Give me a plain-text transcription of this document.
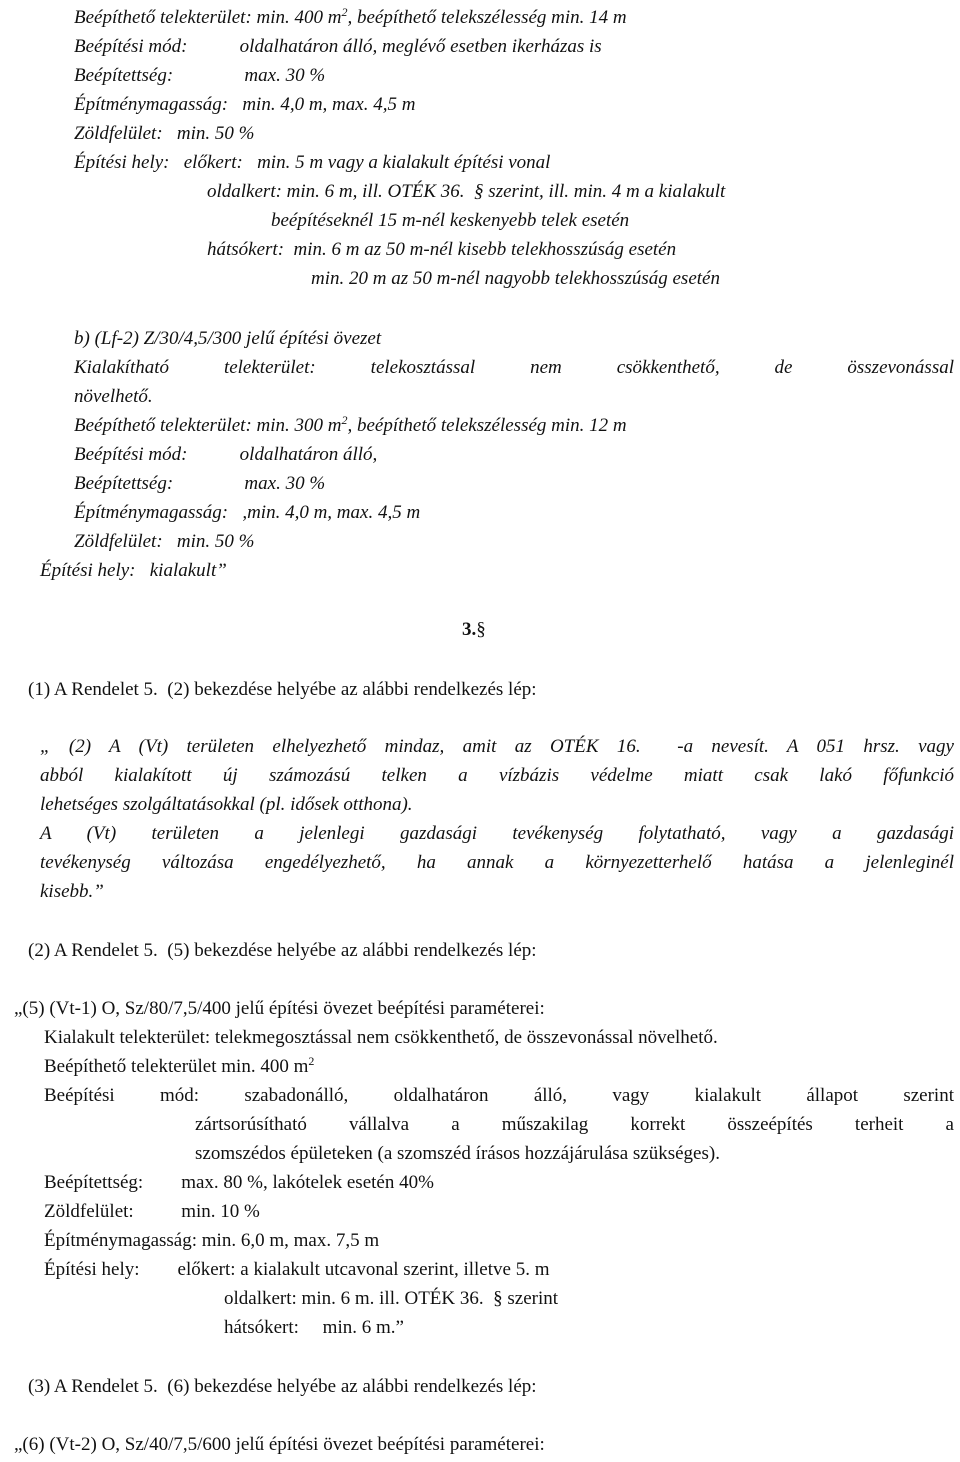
Beépíthető telekterület: min. 400 $m^2$, beépíthető telekszélesség min. 14 m
Beépítési mód:           oldalhatáron álló, meglévő esetben ikerházas is
Beépítettség:               max. 30 %
Építménymagasság:   min. 4,0 m, max. 4,5 m
Zöldfelület:   min. 50 %
Építési hely:   előkert:   min. 5 m vagy a kialakult építési vonal
oldalkert: min. 6 m, ill. OTÉK 36.  § szerint, ill. min. 4 m a kialakult
beépítéseknél 15 m-nél keskenyebb telek esetén
hátsókert:  min. 6 m az 50 m-nél kisebb telekhosszúság esetén
min. 20 m az 50 m-nél nagyobb telekhosszúság esetén
b) (Lf-2) Z/30/4,5/300 jelű építési övezet
Kialakítható telekterület: telekosztással nem csökkenthető, de összevonással
növelhető.
Beépíthető telekterület: min. 300 $m^2$, beépíthető telekszélesség min. 12 m
Beépítési mód:           oldalhatáron álló,
Beépítettség:               max. 30 %
Építménymagasság:   ,min. 4,0 m, max. 4,5 m
Zöldfelület:   min. 50 %
Építési hely:   kialakult”
3.§
(1) A Rendelet 5.  (2) bekezdése helyébe az alábbi rendelkezés lép:
„ (2) A (Vt) területen elhelyezhető mindaz, amit az OTÉK 16.  -a nevesít. A 051 hrsz. vagy
abból kialakított új számozású telken a vízbázis védelme miatt csak lakó főfunkció
lehetséges szolgáltatásokkal (pl. idősek otthona).
A (Vt) területen a jelenlegi gazdasági tevékenység folytatható, vagy a gazdasági
tevékenység változása engedélyezhető, ha annak a környezetterhelő hatása a jelenleginél
kisebb.”
(2) A Rendelet 5.  (5) bekezdése helyébe az alábbi rendelkezés lép:
„(5) (Vt-1) O, Sz/80/7,5/400 jelű építési övezet beépítési paraméterei:
Kialakult telekterület: telekmegosztással nem csökkenthető, de összevonással növelhető.
Beépíthető telekterület min. 400 $m^2$
Beépítési mód: szabadonálló, oldalhatáron álló, vagy kialakult állapot szerint
zártsorúsítható vállalva a műszakilag korrekt összeépítés terheit a
szomszédos épületeken (a szomszéd írásos hozzájárulása szükséges).
Beépítettség:        max. 80 %, lakótelek esetén 40%
Zöldfelület:          min. 10 %
Építménymagasság: min. 6,0 m, max. 7,5 m
Építési hely:        előkert: a kialakult utcavonal szerint, illetve 5. m
oldalkert: min. 6 m. ill. OTÉK 36.  § szerint
hátsókert:     min. 6 m.”
(3) A Rendelet 5.  (6) bekezdése helyébe az alábbi rendelkezés lép:
„(6) (Vt-2) O, Sz/40/7,5/600 jelű építési övezet beépítési paraméterei:
